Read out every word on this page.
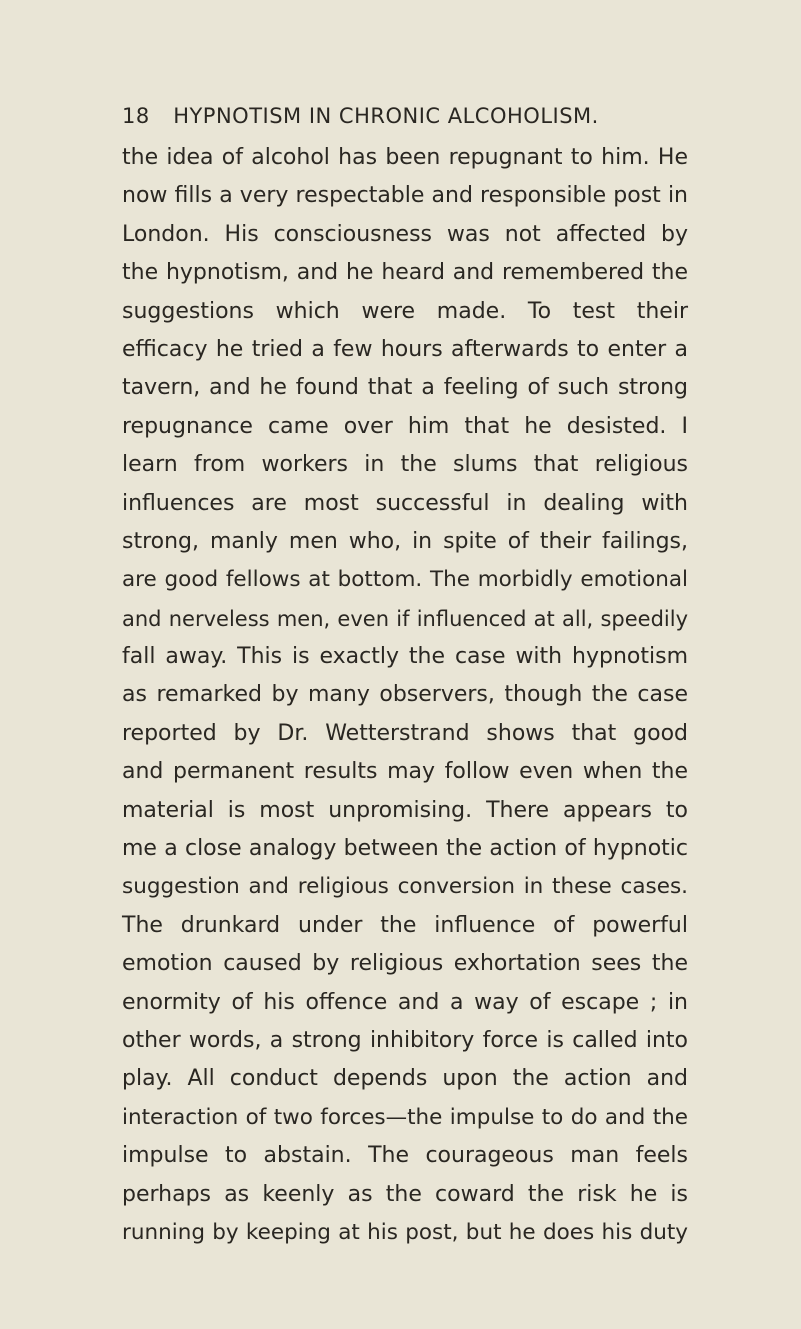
18 HYPNOTISM IN CHRONIC ALCOHOLISM.
the idea of alcohol has been repugnant to him. He
now fills a very respectable and responsible post in
London. His consciousness was not affected by
the hypnotism, and he heard and remembered the
suggestions which were made. To test their
efficacy he tried a few hours afterwards to enter a
tavern, and he found that a feeling of such strong
repugnance came over him that he desisted. I
learn from workers in the slums that religious
influences are most successful in dealing with
strong, manly men who, in spite of their failings,
are good fellows at bottom. The morbidly emotional
and nerveless men, even if influenced at all, speedily
fall away. This is exactly the case with hypnotism
as remarked by many observers, though the case
reported by Dr. Wetterstrand shows that good
and permanent results may follow even when the
material is most unpromising. There appears to
me a close analogy between the action of hypnotic
suggestion and religious conversion in these cases.
The drunkard under the influence of powerful
emotion caused by religious exhortation sees the
enormity of his offence and a way of escape ; in
other words, a strong inhibitory force is called into
play. All conduct depends upon the action and
interaction of two forces—the impulse to do and the
impulse to abstain. The courageous man feels
perhaps as keenly as the coward the risk he is
running by keeping at his post, but he does his duty
